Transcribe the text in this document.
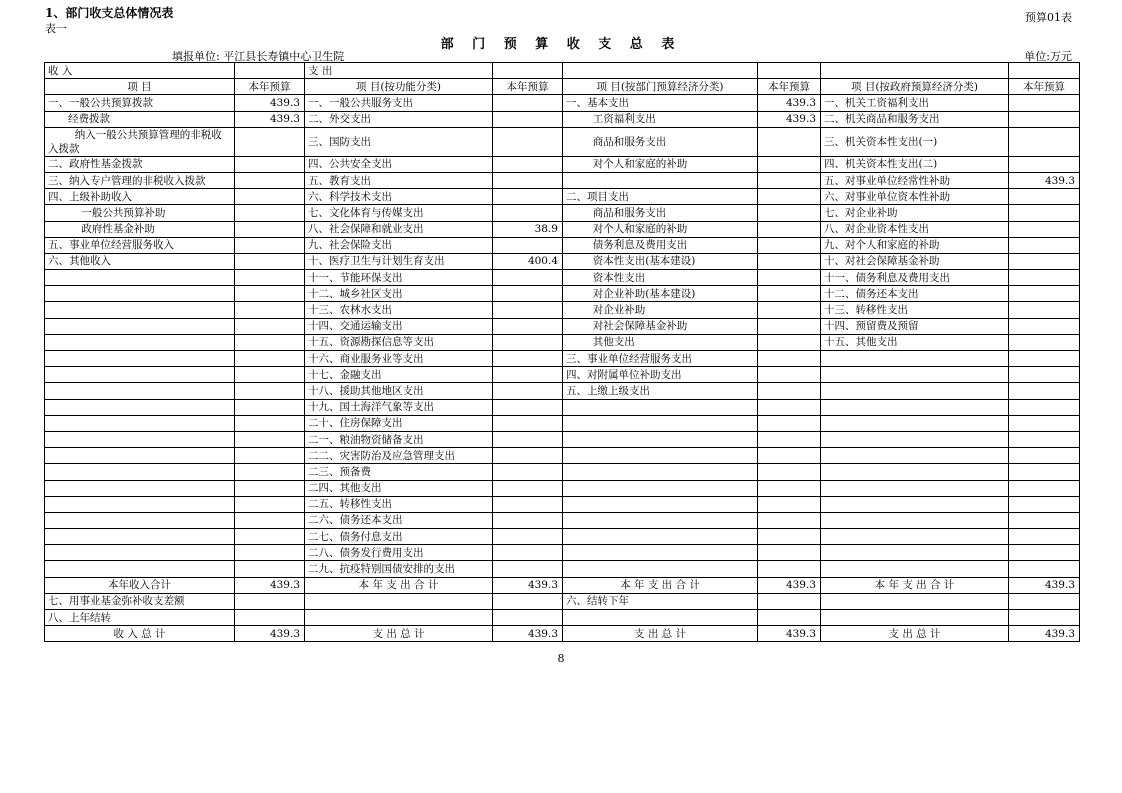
1、部门收支总体情况表
表一
预算01表
部 门 预 算 收 支 总 表
填报单位: 平江县长寿镇中心卫生院	单位:万元
收 入		支 出					
项 目	本年预算	项 目(按功能分类)	本年预算	项 目(按部门预算经济分类)	本年预算	项 目(按政府预算经济分类)	本年预算
一、一般公共预算拨款	439.3	一、一般公共服务支出		一、基本支出	439.3	一、机关工资福利支出	
经费拨款	439.3	二、外交支出		工资福利支出	439.3	二、机关商品和服务支出	
纳入一般公共预算管理的非税收入拨款		三、国防支出		商品和服务支出		三、机关资本性支出(一)	
二、政府性基金拨款		四、公共安全支出		对个人和家庭的补助		四、机关资本性支出(二)	
三、纳入专户管理的非税收入拨款		五、教育支出				五、对事业单位经常性补助	439.3
四、上级补助收入		六、科学技术支出		二、项目支出		六、对事业单位资本性补助	
一般公共预算补助		七、文化体育与传媒支出		商品和服务支出		七、对企业补助	
政府性基金补助		八、社会保障和就业支出	38.9	对个人和家庭的补助		八、对企业资本性支出	
五、事业单位经营服务收入		九、社会保险支出		债务利息及费用支出		九、对个人和家庭的补助	
六、其他收入		十、医疗卫生与计划生育支出	400.4	资本性支出(基本建设)		十、对社会保障基金补助	
		十一、节能环保支出		资本性支出		十一、债务利息及费用支出	
		十二、城乡社区支出		对企业补助(基本建设)		十二、债务还本支出	
		十三、农林水支出		对企业补助		十三、转移性支出	
		十四、交通运输支出		对社会保障基金补助		十四、预留费及预留	
		十五、资源勘探信息等支出		其他支出		十五、其他支出	
		十六、商业服务业等支出		三、事业单位经营服务支出			
		十七、金融支出		四、对附属单位补助支出			
		十八、援助其他地区支出		五、上缴上级支出			
		十九、国土海洋气象等支出					
		二十、住房保障支出					
		二一、粮油物资储备支出					
		二二、灾害防治及应急管理支出					
		二三、预备费					
		二四、其他支出					
		二五、转移性支出					
		二六、债务还本支出					
		二七、债务付息支出					
		二八、债务发行费用支出					
		二九、抗疫特别国债安排的支出					
本年收入合计	439.3	本 年 支 出 合 计	439.3	本 年 支 出 合 计	439.3	本 年 支 出 合 计	439.3
七、用事业基金弥补收支差额				六、结转下年			
八、上年结转							
收 入 总 计	439.3	支 出 总 计	439.3	支 出 总 计	439.3	支 出 总 计	439.3
8
